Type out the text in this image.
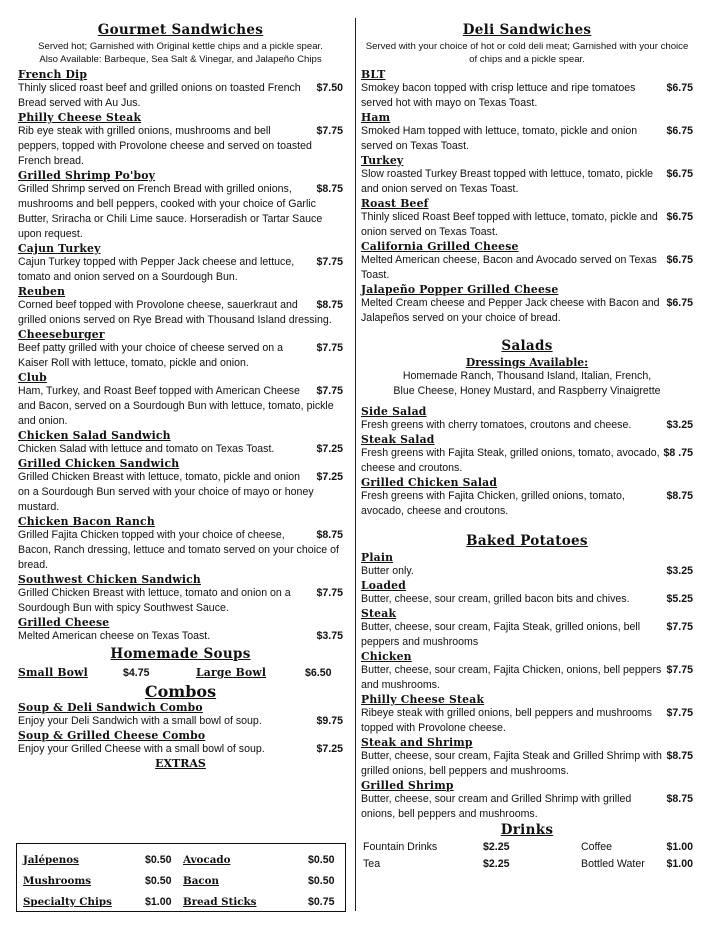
Gourmet Sandwiches
Served hot; Garnished with Original kettle chips and a pickle spear.
Also Available: Barbeque, Sea Salt & Vinegar, and Jalapeño Chips
French Dip
$7.50
Thinly sliced roast beef and grilled onions on toasted French Bread served with Au Jus.
Philly Cheese Steak
$7.75
Rib eye steak with grilled onions, mushrooms and bell peppers, topped with Provolone cheese and served on toasted French bread.
Grilled Shrimp Po'boy
$8.75
Grilled Shrimp served on French Bread with grilled onions, mushrooms and bell peppers, cooked with your choice of Garlic Butter, Sriracha or Chili Lime sauce. Horseradish or Tartar Sauce upon request.
Cajun Turkey
$7.75
Cajun Turkey topped with Pepper Jack cheese and lettuce, tomato and onion served on a Sourdough Bun.
Reuben
$8.75
Corned beef topped with Provolone cheese, sauerkraut and grilled onions served on Rye Bread with Thousand Island dressing.
Cheeseburger
$7.75
Beef patty grilled with your choice of cheese served on a Kaiser Roll with lettuce, tomato, pickle and onion.
Club
$7.75
Ham, Turkey, and Roast Beef topped with American Cheese and Bacon, served on a Sourdough Bun with lettuce, tomato, pickle and onion.
Chicken Salad Sandwich
$7.25
Chicken Salad with lettuce and tomato on Texas Toast.
Grilled Chicken Sandwich
$7.25
Grilled Chicken Breast with lettuce, tomato, pickle and onion on a Sourdough Bun served with your choice of mayo or honey mustard.
Chicken Bacon Ranch
$8.75
Grilled Fajita Chicken topped with your choice of cheese, Bacon, Ranch dressing, lettuce and tomato served on your choice of bread.
Southwest Chicken Sandwich
$7.75
Grilled Chicken Breast with lettuce, tomato and onion on a Sourdough Bun with spicy Southwest Sauce.
Grilled Cheese
$3.75
Melted American cheese on Texas Toast.
Homemade Soups
Small Bowl	$4.75	Large Bowl	$6.50
Combos
Soup & Deli Sandwich Combo
$9.75
Enjoy your Deli Sandwich with a small bowl of soup.
Soup & Grilled Cheese Combo
$7.25
Enjoy your Grilled Cheese with a small bowl of soup.
EXTRAS
Jalépenos	$0.50	Avocado	$0.50
Mushrooms	$0.50	Bacon	$0.50
Specialty Chips	$1.00	Bread Sticks	$0.75
Deli Sandwiches
Served with your choice of hot or cold deli meat; Garnished with your choice of chips and a pickle spear.
BLT
$6.75
Smokey bacon topped with crisp lettuce and ripe tomatoes served hot with mayo on Texas Toast.
Ham
$6.75
Smoked Ham topped with lettuce, tomato, pickle and onion served on Texas Toast.
Turkey
$6.75
Slow roasted Turkey Breast topped with lettuce, tomato, pickle and onion served on Texas Toast.
Roast Beef
$6.75
Thinly sliced Roast Beef topped with lettuce, tomato, pickle and onion served on Texas Toast.
California Grilled Cheese
$6.75
Melted American cheese, Bacon and Avocado served on Texas Toast.
Jalapeño Popper Grilled Cheese
$6.75
Melted Cream cheese and Pepper Jack cheese with Bacon and Jalapeños served on your choice of bread.
Salads
Dressings Available:
Homemade Ranch, Thousand Island, Italian, French,
Blue Cheese, Honey Mustard, and Raspberry Vinaigrette
Side Salad
$3.25
Fresh greens with cherry tomatoes, croutons and cheese.
Steak Salad
$8 .75
Fresh greens with Fajita Steak, grilled onions, tomato, avocado, cheese and croutons.
Grilled Chicken Salad
$8.75
Fresh greens with Fajita Chicken, grilled onions, tomato, avocado, cheese and croutons.
Baked Potatoes
Plain
$3.25
Butter only.
Loaded
$5.25
Butter, cheese, sour cream, grilled bacon bits and chives.
Steak
$7.75
Butter, cheese, sour cream, Fajita Steak, grilled onions, bell peppers and mushrooms
Chicken
$7.75
Butter, cheese, sour cream, Fajita Chicken, onions, bell peppers and mushrooms.
Philly Cheese Steak
$7.75
Ribeye steak with grilled onions, bell peppers and mushrooms topped with Provolone cheese.
Steak and Shrimp
$8.75
Butter, cheese, sour cream, Fajita Steak and Grilled Shrimp with grilled onions, bell peppers and mushrooms.
Grilled Shrimp
$8.75
Butter, cheese, sour cream and Grilled Shrimp with grilled onions, bell peppers and mushrooms.
Drinks
Fountain Drinks	$2.25	Coffee	$1.00
Tea	$2.25	Bottled Water	$1.00
